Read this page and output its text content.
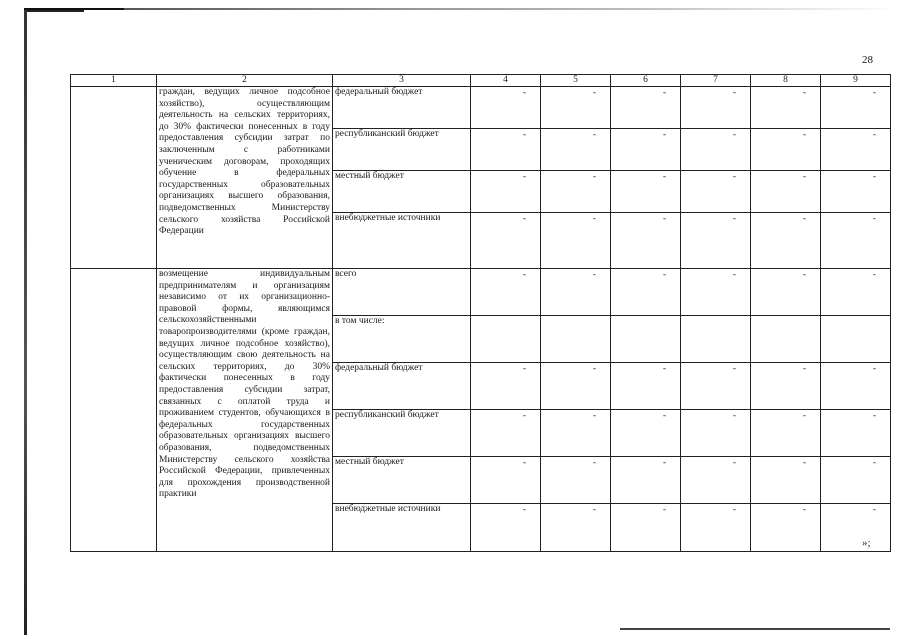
28
1	2	3	4	5	6	7	8	9
	граждан, ведущих личное подсобное хозяйство), осуществляющим деятельность на сельских территориях, до 30% фактически понесенных в году предоставления субсидии затрат по заключенным с работниками ученическим договорам, проходящих обучение в федеральных государственных образовательных организациях высшего образования, подведомственных Министерству сельского хозяйства Российской Федерации	федеральный бюджет	-	-	-	-	-	-

		республиканский бюджет	-	-	-	-	-	-

		местный бюджет	-	-	-	-	-	-

		внебюджетные источники	-	-	-	-	-	-

	возмещение индивидуальным предпринимателям и организациям независимо от их организационно-правовой формы, являющимся сельскохозяйственными товаропроизводителями (кроме граждан, ведущих личное подсобное хозяйство), осуществляющим свою деятельность на сельских территориях, до 30% фактически понесенных в году предоставления субсидии затрат, связанных с оплатой труда и проживанием студентов, обучающихся в федеральных государственных образовательных организациях высшего образования, подведомственных Министерству сельского хозяйства Российской Федерации, привлеченных для прохождения производственной практики	всего	-	-	-	-	-	-

		в том числе:	

		федеральный бюджет	-	-	-	-	-	-

		республиканский бюджет	-	-	-	-	-	-

		местный бюджет	-	-	-	-	-	-

		внебюджетные источники	-	-	-	-	-	-
»;
